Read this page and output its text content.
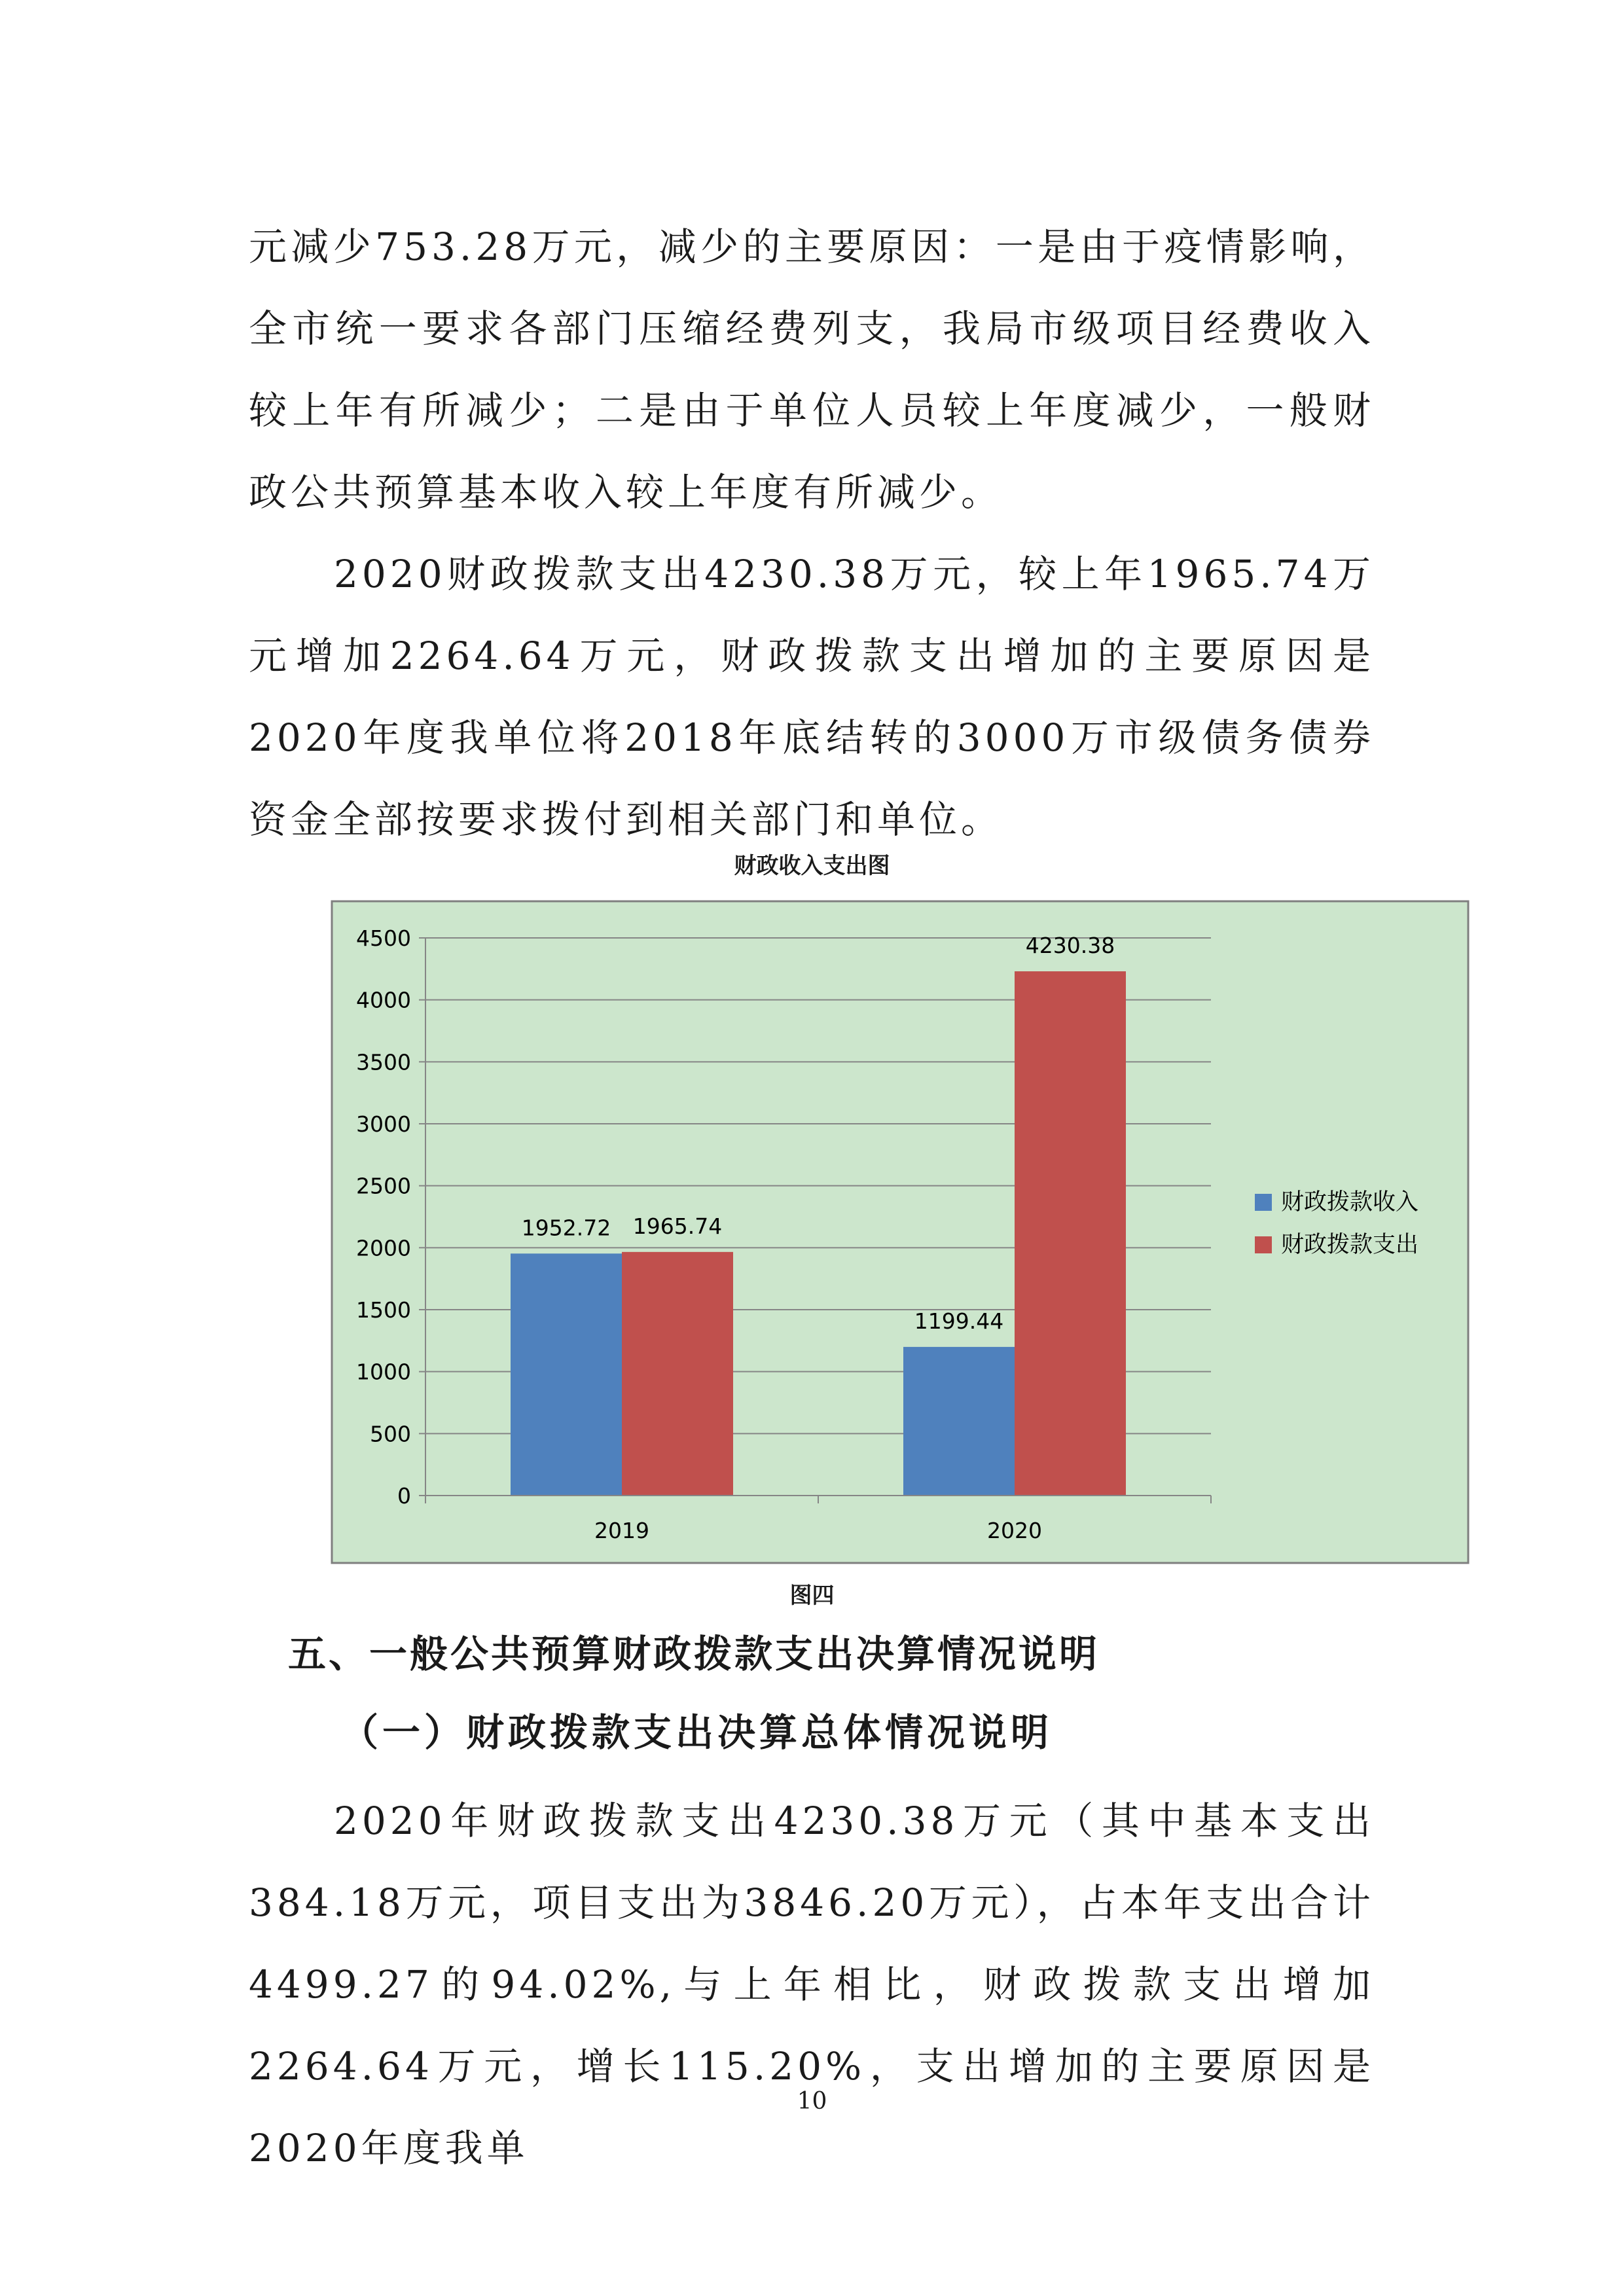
元减少753.28万元，减少的主要原因：一是由于疫情影响，全市统一要求各部门压缩经费列支，我局市级项目经费收入较上年有所减少；二是由于单位人员较上年度减少，一般财政公共预算基本收入较上年度有所减少。

2020财政拨款支出4230.38万元，较上年1965.74万元增加2264.64万元，财政拨款支出增加的主要原因是2020年度我单位将2018年底结转的3000万市级债务债券资金全部按要求拨付到相关部门和单位。

财政收入支出图
1952.72 1965.74
1199.44
4230.38
0
500
1000
1500
2000
2500
3000
3500
4000
4500
2019	2020
财政拨款收入
财政拨款支出
图四
五、一般公共预算财政拨款支出决算情况说明
（一）财政拨款支出决算总体情况说明

2020年财政拨款支出4230.38万元（其中基本支出384.18万元，项目支出为3846.20万元），占本年支出合计4499.27的94.02%,与上年相比，财政拨款支出增加2264.64万元，增长115.20%，支出增加的主要原因是2020年度我单

10
